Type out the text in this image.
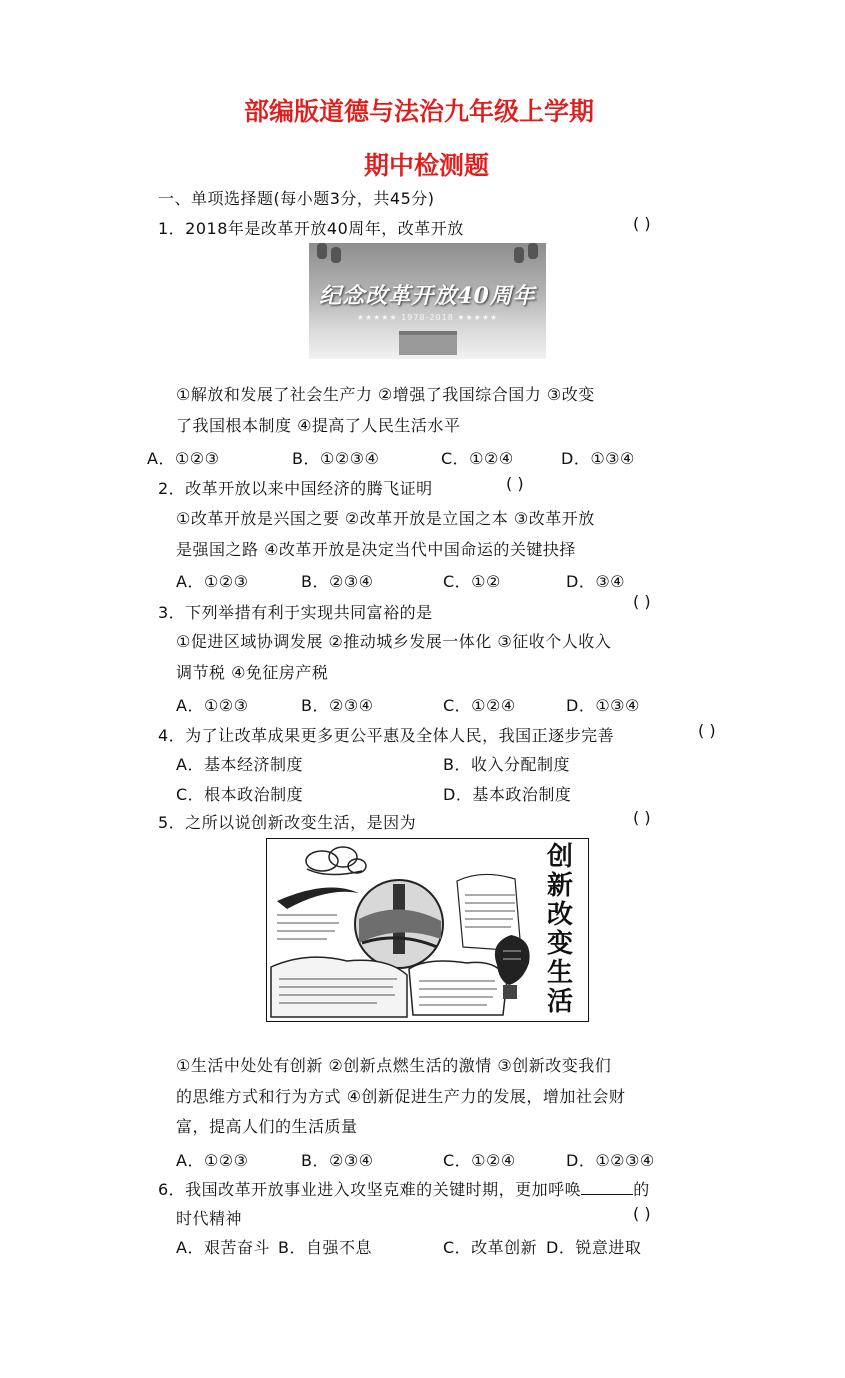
部编版道德与法治九年级上学期
期中检测题
一、单项选择题(每小题3分，共45分)
1．2018年是改革开放40周年，改革开放	( )
纪念改革开放40周年
★★★★★ 1978-2018 ★★★★★
①解放和发展了社会生产力 ②增强了我国综合国力 ③改变
了我国根本制度 ④提高了人民生活水平
A．①②③	B．①②③④	C．①②④	D．①③④
2．改革开放以来中国经济的腾飞证明	( )
①改革开放是兴国之要 ②改革开放是立国之本 ③改革开放
是强国之路 ④改革开放是决定当代中国命运的关键抉择
A．①②③	B．②③④	C．①②	D．③④
3．下列举措有利于实现共同富裕的是
( )
①促进区域协调发展 ②推动城乡发展一体化 ③征收个人收入
调节税 ④免征房产税
A．①②③	B．②③④	C．①②④	D．①③④
4．为了让改革成果更多更公平惠及全体人民，我国正逐步完善	( )
A．基本经济制度	B．收入分配制度
C．根本政治制度	D．基本政治制度
5．之所以说创新改变生活，是因为	( )
创
新
改
变
生
活
①生活中处处有创新 ②创新点燃生活的激情 ③创新改变我们
的思维方式和行为方式 ④创新促进生产力的发展，增加社会财
富，提高人们的生活质量
A．①②③	B．②③④	C．①②④	D．①②③④
6．我国改革开放事业进入攻坚克难的关键时期，更加呼唤	的
时代精神	( )
A．艰苦奋斗 B．自强不息	C．改革创新 D．锐意进取
